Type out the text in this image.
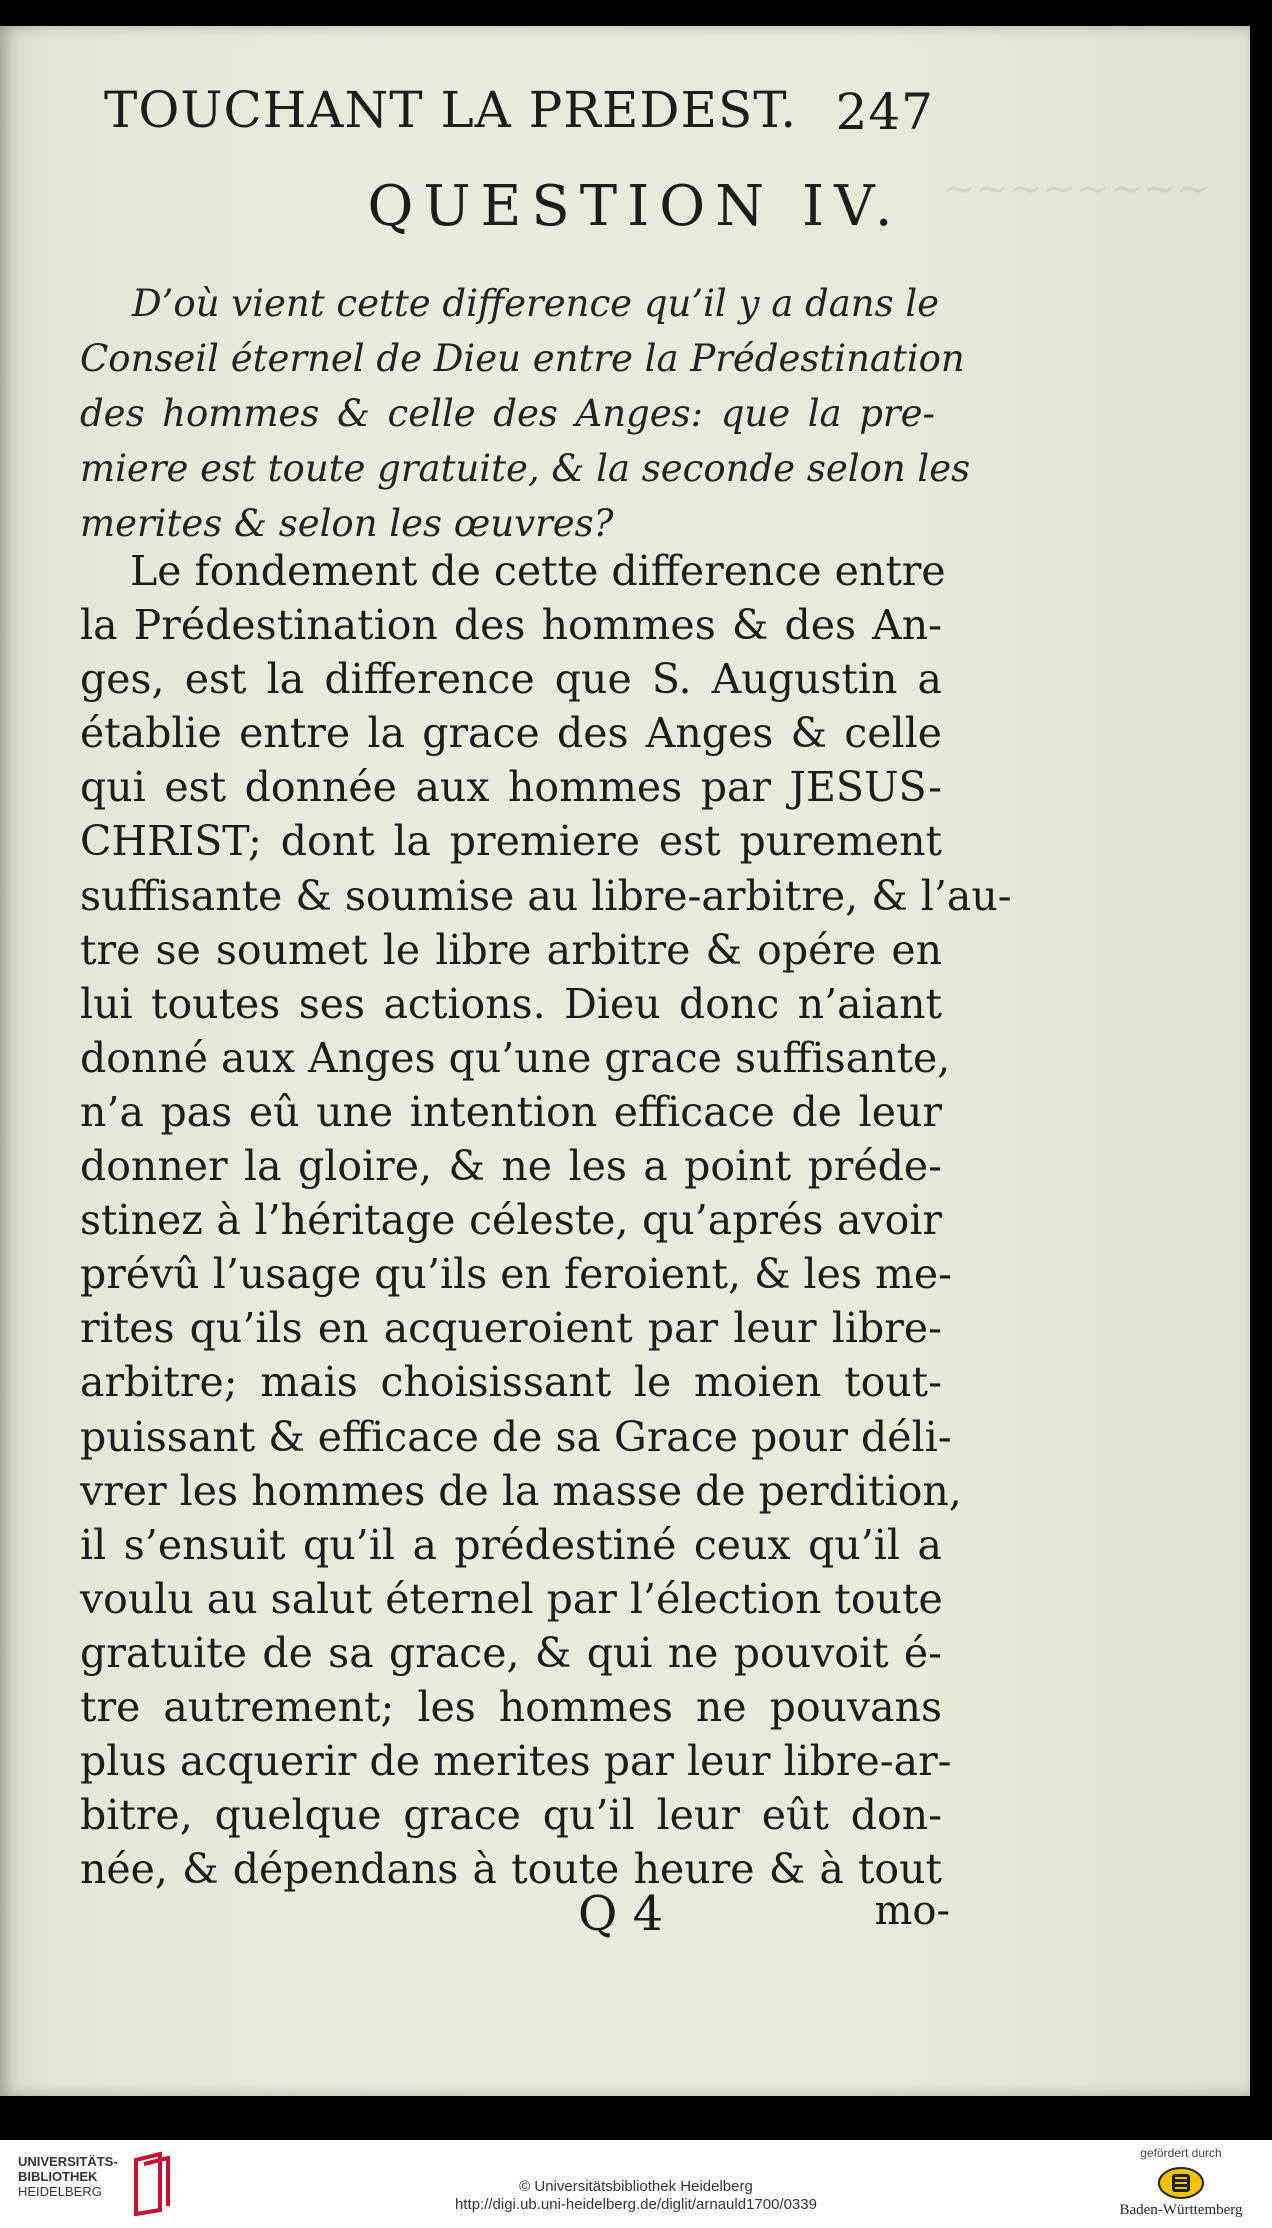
~~~~~~~~
TOUCHANT LA PREDEST. 247
QUESTION IV.
D’où vient cette difference qu’il y a dans le
Conseil éternel de Dieu entre la Prédestination
des hommes & celle des Anges: que la pre-
miere est toute gratuite, & la seconde selon les
merites & selon les œuvres?
Le fondement de cette difference entre
la Prédestination des hommes & des An-
ges, est la difference que S. Augustin a
établie entre la grace des Anges & celle
qui est donnée aux hommes par JESUS-
CHRIST; dont la premiere est purement
suffisante & soumise au libre-arbitre, & l’au-
tre se soumet le libre arbitre & opére en
lui toutes ses actions. Dieu donc n’aiant
donné aux Anges qu’une grace suffisante,
n’a pas eû une intention efficace de leur
donner la gloire, & ne les a point préde-
stinez à l’héritage céleste, qu’aprés avoir
prévû l’usage qu’ils en feroient, & les me-
rites qu’ils en acqueroient par leur libre-
arbitre; mais choisissant le moien tout-
puissant & efficace de sa Grace pour déli-
vrer les hommes de la masse de perdition,
il s’ensuit qu’il a prédestiné ceux qu’il a
voulu au salut éternel par l’élection toute
gratuite de sa grace, & qui ne pouvoit é-
tre autrement; les hommes ne pouvans
plus acquerir de merites par leur libre-ar-
bitre, quelque grace qu’il leur eût don-
née, & dépendans à toute heure & à tout
Q 4	mo-
UNIVERSITÄTS-
BIBLIOTHEK
HEIDELBERG	© Universitätsbibliothek Heidelberg
http://digi.ub.uni-heidelberg.de/diglit/arnauld1700/0339
gefördert durch
Baden-Württemberg
